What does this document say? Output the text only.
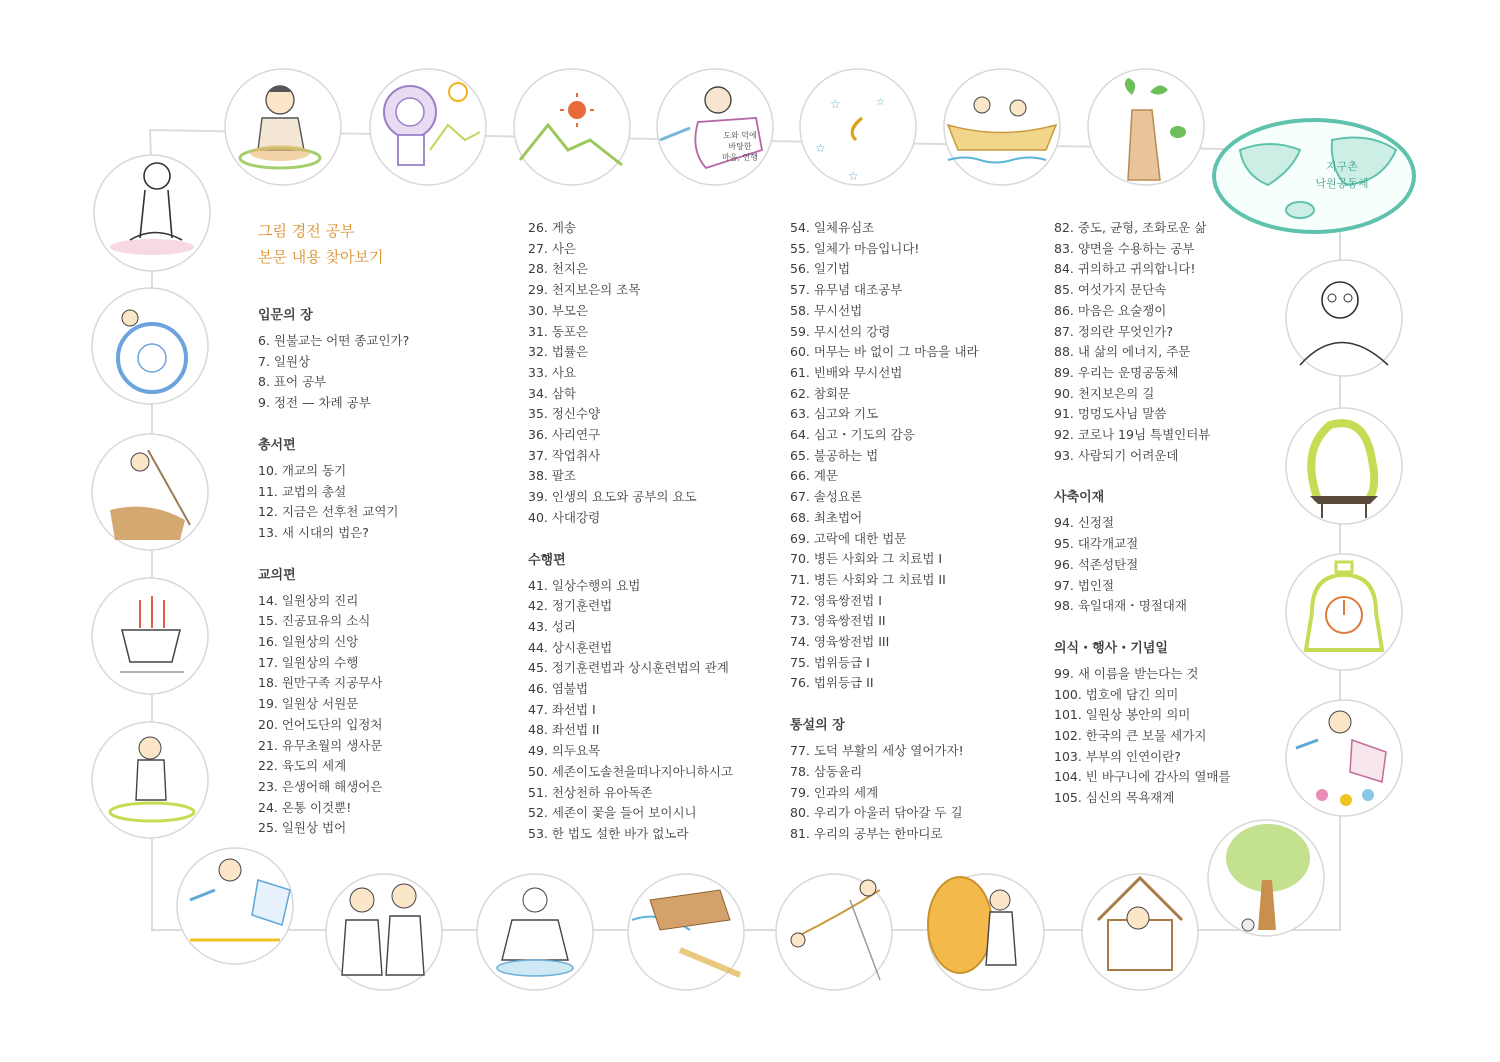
도와 덕에
바탕한
마음, 언행
☆
☆
☆
☆
지구촌
낙원공동체
그림 경전 공부
본문 내용 찾아보기
입문의 장
6. 원불교는 어떤 종교인가?
7. 일원상
8. 표어 공부
9. 정전 — 차례 공부
총서편
10. 개교의 동기
11. 교법의 총설
12. 지금은 선후천 교역기
13. 새 시대의 법은?
교의편
14. 일원상의 진리
15. 진공묘유의 소식
16. 일원상의 신앙
17. 일원상의 수행
18. 원만구족 지공무사
19. 일원상 서원문
20. 언어도단의 입정처
21. 유무초월의 생사문
22. 육도의 세계
23. 은생어해 해생어은
24. 온통 이것뿐!
25. 일원상 법어
26. 게송
27. 사은
28. 천지은
29. 천지보은의 조목
30. 부모은
31. 동포은
32. 법률은
33. 사요
34. 삼학
35. 정신수양
36. 사리연구
37. 작업취사
38. 팔조
39. 인생의 요도와 공부의 요도
40. 사대강령
수행편
41. 일상수행의 요법
42. 정기훈련법
43. 성리
44. 상시훈련법
45. 정기훈련법과 상시훈련법의 관계
46. 염불법
47. 좌선법 I
48. 좌선법 II
49. 의두요목
50. 세존이도솔천을떠나지아니하시고
51. 천상천하 유아독존
52. 세존이 꽃을 들어 보이시니
53. 한 법도 설한 바가 없노라
54. 일체유심조
55. 일체가 마음입니다!
56. 일기법
57. 유무념 대조공부
58. 무시선법
59. 무시선의 강령
60. 머무는 바 없이 그 마음을 내라
61. 빈배와 무시선법
62. 참회문
63. 심고와 기도
64. 심고・기도의 감응
65. 불공하는 법
66. 계문
67. 솔성요론
68. 최초법어
69. 고락에 대한 법문
70. 병든 사회와 그 치료법 I
71. 병든 사회와 그 치료법 II
72. 영육쌍전법 I
73. 영육쌍전법 II
74. 영육쌍전법 III
75. 법위등급 I
76. 법위등급 II
통설의 장
77. 도덕 부활의 세상 열어가자!
78. 삼동윤리
79. 인과의 세계
80. 우리가 아울러 닦아갈 두 길
81. 우리의 공부는 한마디로
82. 중도, 균형, 조화로운 삶
83. 양면을 수용하는 공부
84. 귀의하고 귀의합니다!
85. 여섯가지 문단속
86. 마음은 요술쟁이
87. 정의란 무엇인가?
88. 내 삶의 에너지, 주문
89. 우리는 운명공동체
90. 천지보은의 길
91. 멍멍도사님 말씀
92. 코로나 19님 특별인터뷰
93. 사람되기 어려운데
사축이재
94. 신정절
95. 대각개교절
96. 석존성탄절
97. 법인절
98. 육일대재・명절대재
의식・행사・기념일
99. 새 이름을 받는다는 것
100. 법호에 담긴 의미
101. 일원상 봉안의 의미
102. 한국의 큰 보물 세가지
103. 부부의 인연이란?
104. 빈 바구니에 감사의 열매를
105. 심신의 목욕재계
